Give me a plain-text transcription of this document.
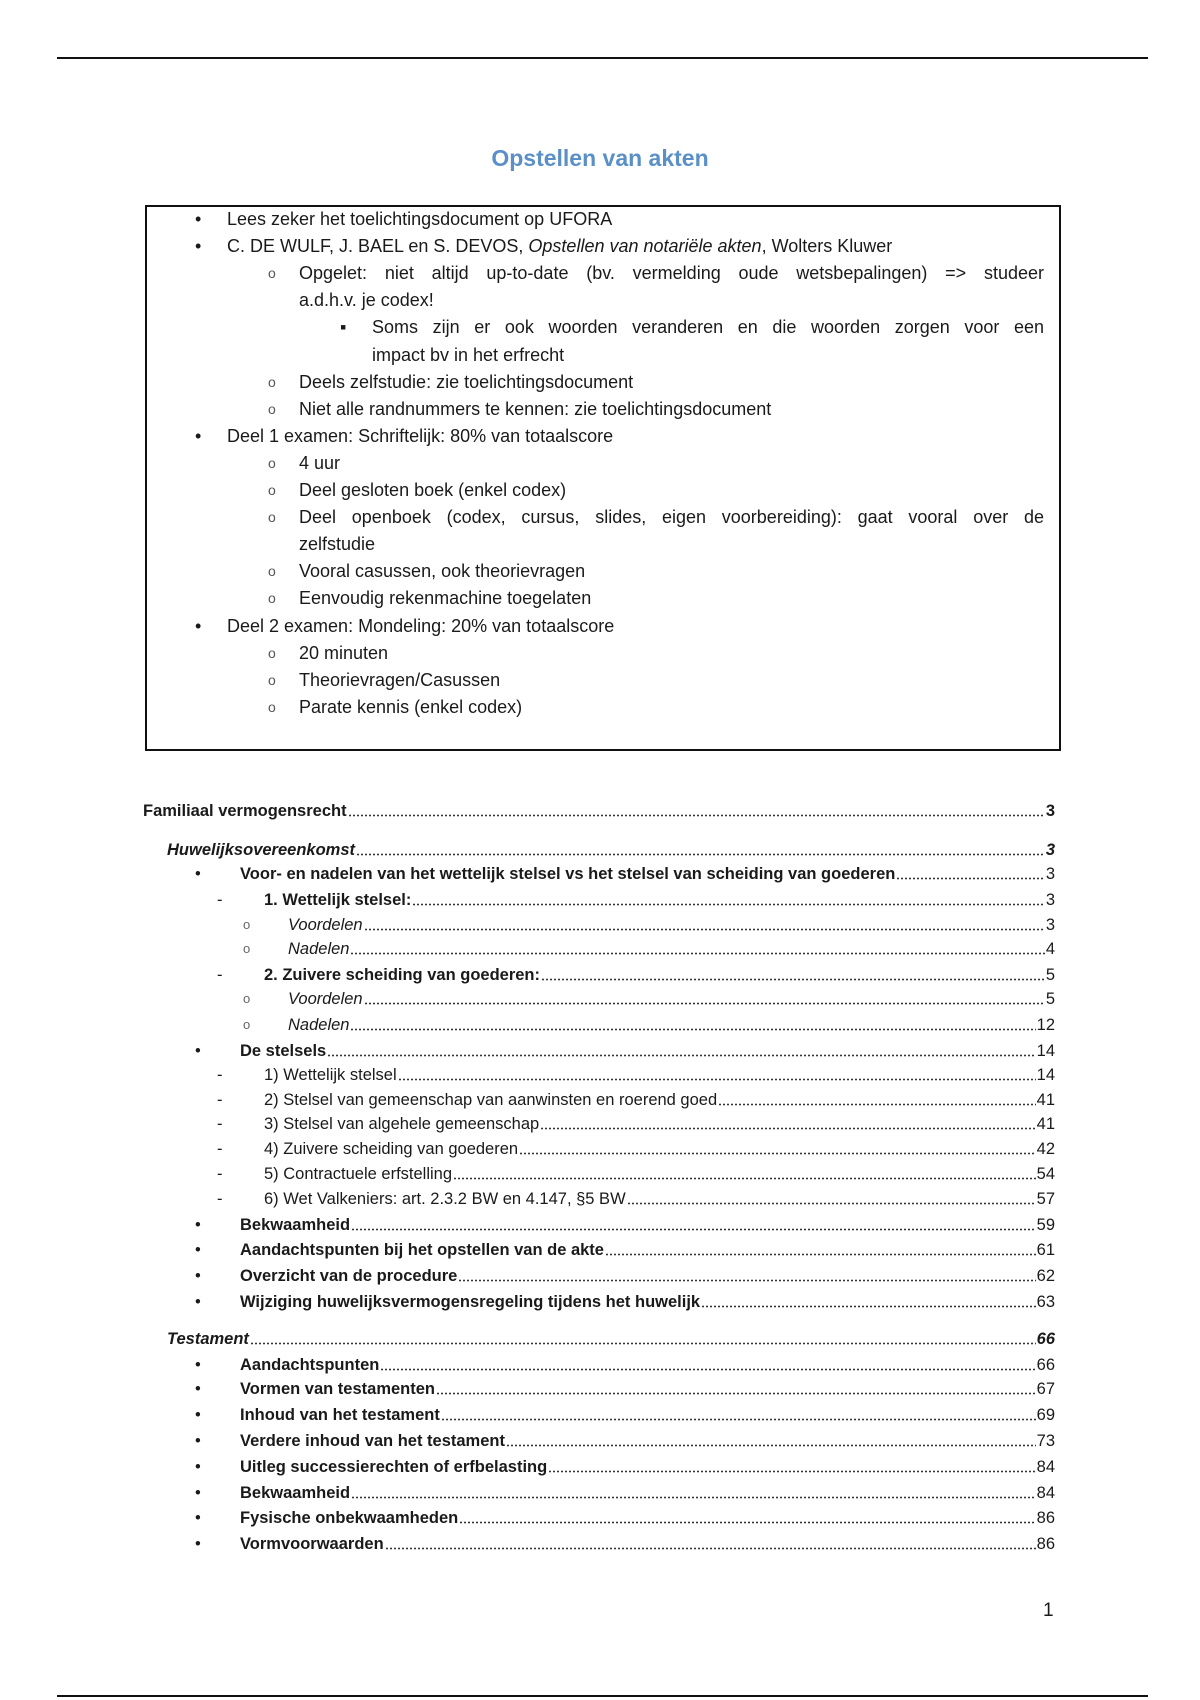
Opstellen van akten
• Lees zeker het toelichtingsdocument op UFORA
• C. DE WULF, J. BAEL en S. DEVOS, Opstellen van notariële akten, Wolters Kluwer
o Opgelet: niet altijd up-to-date (bv. vermelding oude wetsbepalingen) => studeer
a.d.h.v. je codex!
▪ Soms zijn er ook woorden veranderen en die woorden zorgen voor een
impact bv in het erfrecht
o Deels zelfstudie: zie toelichtingsdocument
o Niet alle randnummers te kennen: zie toelichtingsdocument
• Deel 1 examen: Schriftelijk: 80% van totaalscore
o 4 uur
o Deel gesloten boek (enkel codex)
o Deel openboek (codex, cursus, slides, eigen voorbereiding): gaat vooral over de
zelfstudie
o Vooral casussen, ook theorievragen
o Eenvoudig rekenmachine toegelaten
• Deel 2 examen: Mondeling: 20% van totaalscore
o 20 minuten
o Theorievragen/Casussen
o Parate kennis (enkel codex)
Familiaal vermogensrecht	3
Huwelijksovereenkomst	3
• Voor- en nadelen van het wettelijk stelsel vs het stelsel van scheiding van goederen	3
-	1. Wettelijk stelsel:	3
o Voordelen	3
o Nadelen	4
-	2. Zuivere scheiding van goederen:	5
o Voordelen	5
o Nadelen	12
• De stelsels	14
-	1) Wettelijk stelsel	14
-	2) Stelsel van gemeenschap van aanwinsten en roerend goed	41
-	3) Stelsel van algehele gemeenschap	41
-	4) Zuivere scheiding van goederen	42
-	5) Contractuele erfstelling	54
-	6) Wet Valkeniers: art. 2.3.2 BW en 4.147, §5 BW	57
• Bekwaamheid	59
• Aandachtspunten bij het opstellen van de akte	61
• Overzicht van de procedure	62
• Wijziging huwelijksvermogensregeling tijdens het huwelijk	63
Testament	66
• Aandachtspunten	66
• Vormen van testamenten	67
• Inhoud van het testament	69
• Verdere inhoud van het testament	73
• Uitleg successierechten of erfbelasting	84
• Bekwaamheid	84
• Fysische onbekwaamheden	86
• Vormvoorwaarden	86
1
